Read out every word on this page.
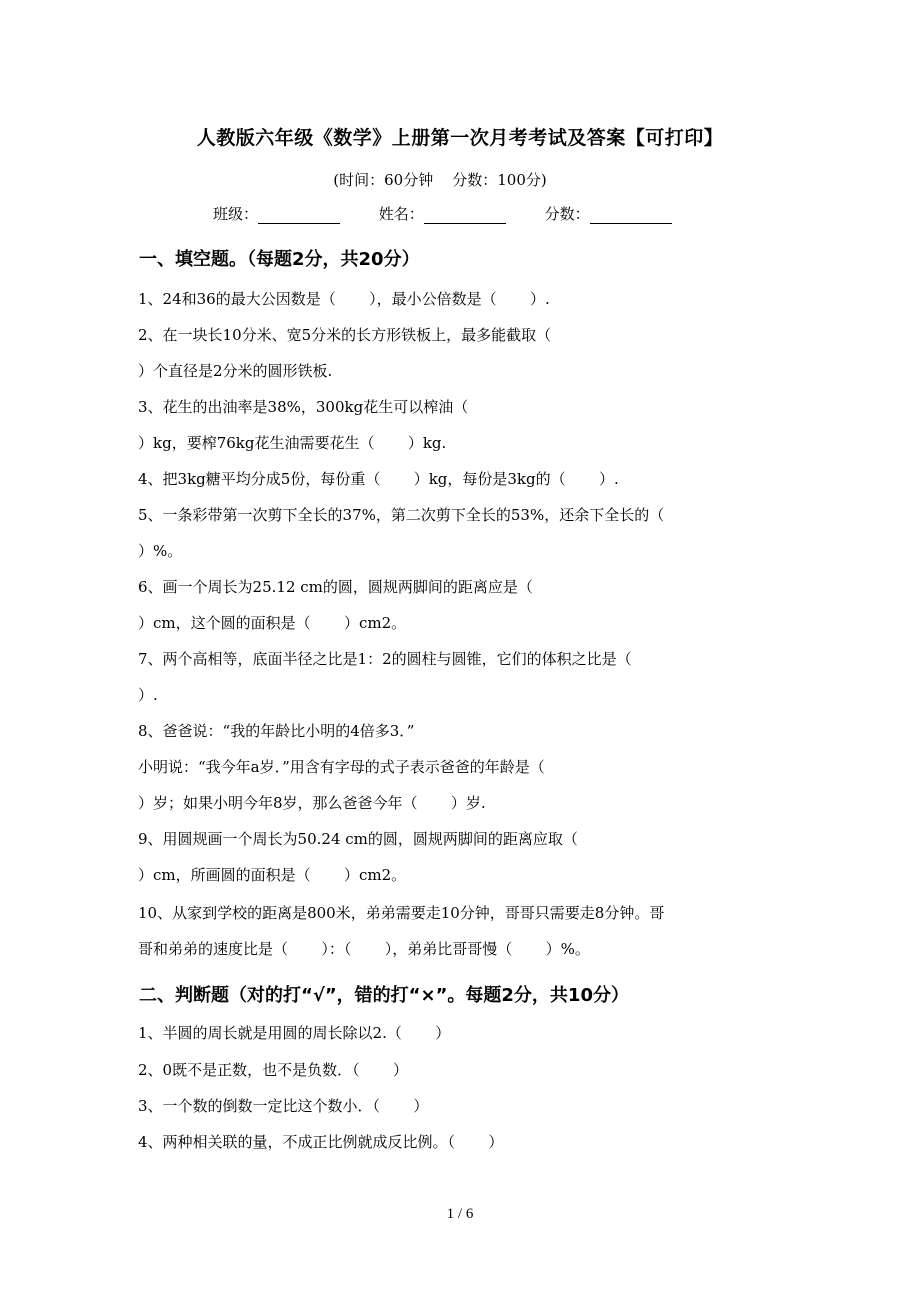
人教版六年级《数学》上册第一次月考考试及答案【可打印】
(时间：60分钟    分数：100分)
班级：	姓名：	分数：
一、填空题。（每题2分，共20分）
1、24和36的最大公因数是（       ），最小公倍数是（       ）.
2、在一块长10分米、宽5分米的长方形铁板上，最多能截取（
）个直径是2分米的圆形铁板.
3、花生的出油率是38%，300kg花生可以榨油（
）kg，要榨76kg花生油需要花生（       ）kg.
4、把3kg糖平均分成5份，每份重（       ）kg，每份是3kg的（       ）.
5、一条彩带第一次剪下全长的37%，第二次剪下全长的53%，还余下全长的（
）%。
6、画一个周长为25.12 cm的圆，圆规两脚间的距离应是（
）cm，这个圆的面积是（       ）cm2。
7、两个高相等，底面半径之比是1：2的圆柱与圆锥，它们的体积之比是（
）.
8、爸爸说：“我的年龄比小明的4倍多3．”
小明说：“我今年a岁．”用含有字母的式子表示爸爸的年龄是（
）岁；如果小明今年8岁，那么爸爸今年（       ）岁.
9、用圆规画一个周长为50.24 cm的圆，圆规两脚间的距离应取（
）cm，所画圆的面积是（       ）cm2。
10、从家到学校的距离是800米，弟弟需要走10分钟，哥哥只需要走8分钟。哥
哥和弟弟的速度比是（       ）：（       ），弟弟比哥哥慢（       ）%。
二、判断题（对的打“√”，错的打“×”。每题2分，共10分）
1、半圆的周长就是用圆的周长除以2.（       ）
2、0既不是正数，也不是负数．（       ）
3、一个数的倒数一定比这个数小．（       ）
4、两种相关联的量，不成正比例就成反比例。（       ）
1 / 6
